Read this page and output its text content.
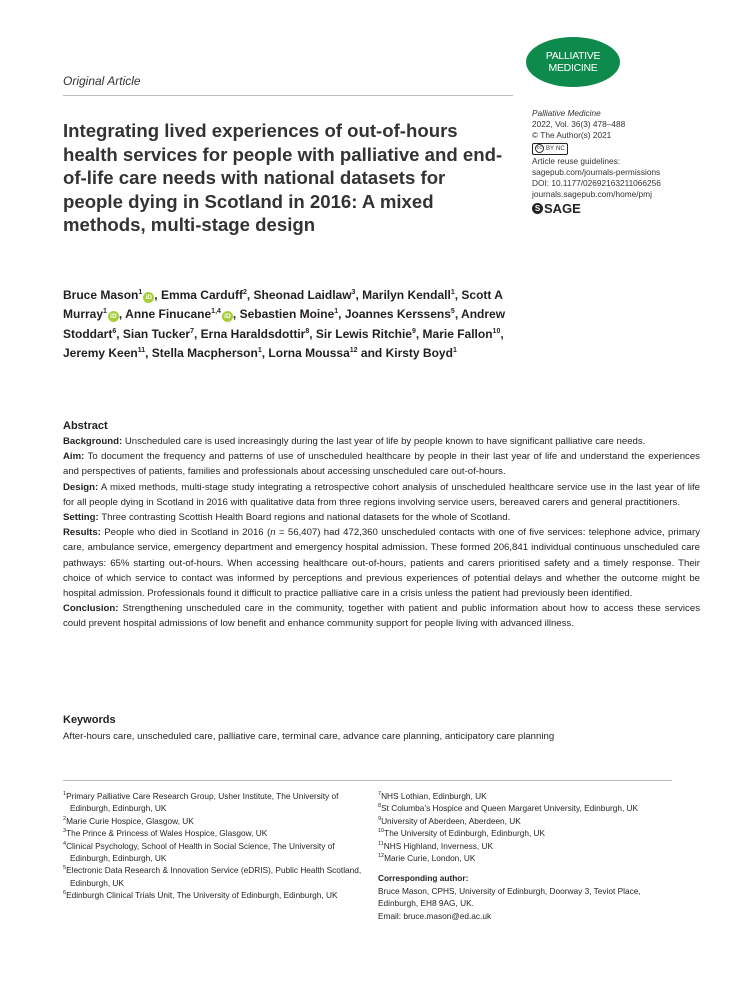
Original Article
PALLIATIVE
MEDICINE
Palliative Medicine
2022, Vol. 36(3) 478–488
© The Author(s) 2021
cc BY NC
Article reuse guidelines:
sagepub.com/journals-permissions
DOI: 10.1177/02692163211066256
journals.sagepub.com/home/pmj
S SAGE
Integrating lived experiences of out-of-hours health services for people with palliative and end-of-life care needs with national datasets for people dying in Scotland in 2016: A mixed methods, multi-stage design
Bruce Mason$^1$iD , Emma Carduff$^2$, Sheonad Laidlaw$^3$, Marilyn Kendall$^1$, Scott A Murray$^1$iD , Anne Finucane$^{1,4}$iD , Sebastien Moine$^1$, Joannes Kerssens$^5$, Andrew Stoddart$^6$, Sian Tucker$^7$, Erna Haraldsdottir$^8$, Sir Lewis Ritchie$^9$, Marie Fallon$^{10}$, Jeremy Keen$^{11}$, Stella Macpherson$^1$, Lorna Moussa$^{12}$ and Kirsty Boyd$^1$
Abstract

Background: Unscheduled care is used increasingly during the last year of life by people known to have significant palliative care needs.

Aim: To document the frequency and patterns of use of unscheduled healthcare by people in their last year of life and understand the experiences and perspectives of patients, families and professionals about accessing unscheduled care out-of-hours.

Design: A mixed methods, multi-stage study integrating a retrospective cohort analysis of unscheduled healthcare service use in the last year of life for all people dying in Scotland in 2016 with qualitative data from three regions involving service users, bereaved carers and general practitioners.

Setting: Three contrasting Scottish Health Board regions and national datasets for the whole of Scotland.

Results: People who died in Scotland in 2016 (n = 56,407) had 472,360 unscheduled contacts with one of five services: telephone advice, primary care, ambulance service, emergency department and emergency hospital admission. These formed 206,841 individual continuous unscheduled care pathways: 65% starting out-of-hours. When accessing healthcare out-of-hours, patients and carers prioritised safety and a timely response. Their choice of which service to contact was informed by perceptions and previous experiences of potential delays and whether the outcome might be hospital admission. Professionals found it difficult to practice palliative care in a crisis unless the patient had previously been identified.

Conclusion: Strengthening unscheduled care in the community, together with patient and public information about how to access these services could prevent hospital admissions of low benefit and enhance community support for people living with advanced illness.

Keywords
After-hours care, unscheduled care, palliative care, terminal care, advance care planning, anticipatory care planning
$^1$Primary Palliative Care Research Group, Usher Institute, The University of Edinburgh, Edinburgh, UK
$^2$Marie Curie Hospice, Glasgow, UK
$^3$The Prince & Princess of Wales Hospice, Glasgow, UK
$^4$Clinical Psychology, School of Health in Social Science, The University of Edinburgh, Edinburgh, UK
$^5$Electronic Data Research & Innovation Service (eDRIS), Public Health Scotland, Edinburgh, UK
$^6$Edinburgh Clinical Trials Unit, The University of Edinburgh, Edinburgh, UK
$^7$NHS Lothian, Edinburgh, UK
$^8$St Columba’s Hospice and Queen Margaret University, Edinburgh, UK
$^9$University of Aberdeen, Aberdeen, UK
$^{10}$The University of Edinburgh, Edinburgh, UK
$^{11}$NHS Highland, Inverness, UK
$^{12}$Marie Curie, London, UK
Corresponding author:
Bruce Mason, CPHS, University of Edinburgh, Doorway 3, Teviot Place, Edinburgh, EH8 9AG, UK.
Email: bruce.mason@ed.ac.uk
